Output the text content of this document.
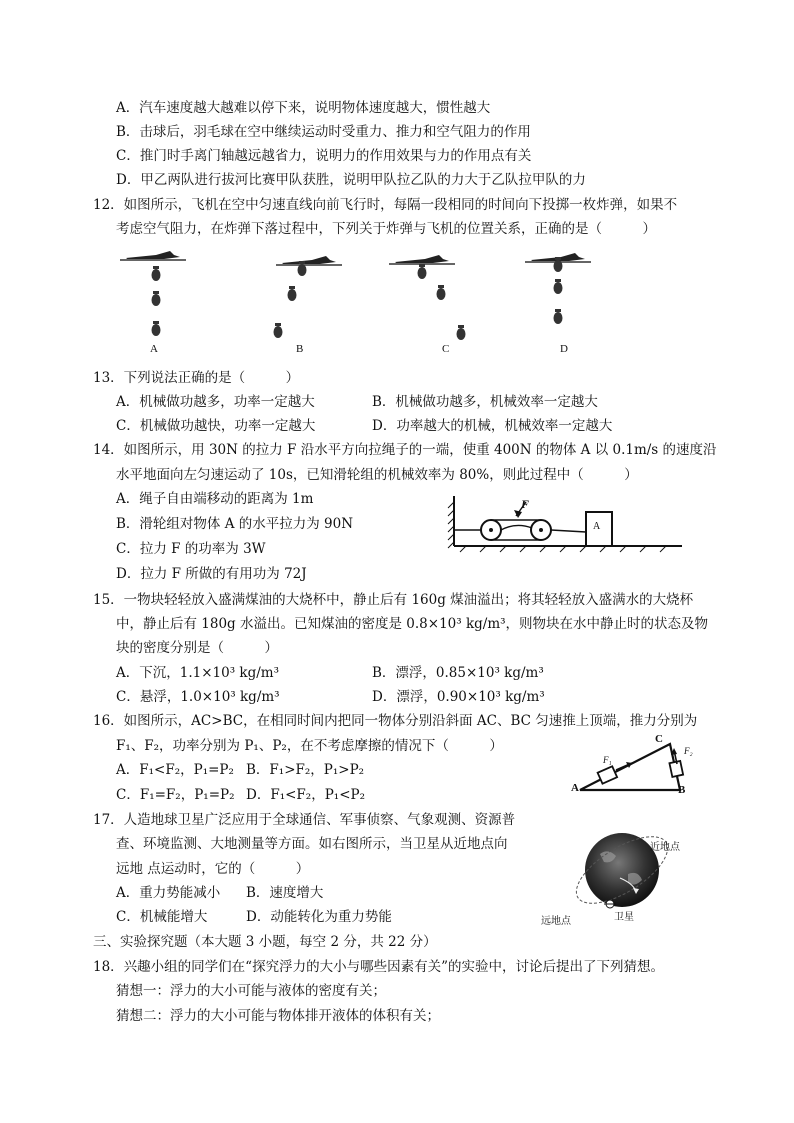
A．汽车速度越大越难以停下来，说明物体速度越大，惯性越大
B．击球后，羽毛球在空中继续运动时受重力、推力和空气阻力的作用
C．推门时手离门轴越远越省力，说明力的作用效果与力的作用点有关
D．甲乙两队进行拔河比赛甲队获胜，说明甲队拉乙队的力大于乙队拉甲队的力
12．如图所示，飞机在空中匀速直线向前飞行时，每隔一段相同的时间向下投掷一枚炸弹，如果不
考虑空气阻力，在炸弹下落过程中，下列关于炸弹与飞机的位置关系，正确的是（　　　）
A	B	C	D
13．下列说法正确的是（　　　）
A．机械做功越多，功率一定越大	B．机械做功越多，机械效率一定越大
C．机械做功越快，功率一定越大	D．功率越大的机械，机械效率一定越大
14．如图所示，用 30N 的拉力 F 沿水平方向拉绳子的一端，使重 400N 的物体 A 以 0.1m/s 的速度沿
水平地面向左匀速运动了 10s，已知滑轮组的机械效率为 80%，则此过程中（　　　）
A．绳子自由端移动的距离为 1m
B．滑轮组对物体 A 的水平拉力为 90N
C．拉力 F 的功率为 3W
D．拉力 F 所做的有用功为 72J
F
A
15．一物块轻轻放入盛满煤油的大烧杯中，静止后有 160g 煤油溢出；将其轻轻放入盛满水的大烧杯
中，静止后有 180g 水溢出。已知煤油的密度是 0.8×10³ kg/m³，则物块在水中静止时的状态及物
块的密度分别是（　　　）
A．下沉，1.1×10³ kg/m³	B．漂浮，0.85×10³ kg/m³
C．悬浮，1.0×10³ kg/m³	D．漂浮，0.90×10³ kg/m³
16．如图所示，AC>BC，在相同时间内把同一物体分别沿斜面 AC、BC 匀速推上顶端，推力分别为
F₁、F₂，功率分别为 P₁、P₂，在不考虑摩擦的情况下（　　　）
A．F₁<F₂，P₁=P₂ B．F₁>F₂，P₁>P₂
C．F₁=F₂，P₁=P₂ D．F₁<F₂，P₁<P₂	A	B
C
F₁
F₂
17．人造地球卫星广泛应用于全球通信、军事侦察、气象观测、资源普
查、环境监测、大地测量等方面。如右图所示，当卫星从近地点向
远地 点运动时，它的（　　　）
A．重力势能减小 B．速度增大
C．机械能增大	D．动能转化为重力势能
近地点
远地点	卫星
三、实验探究题（本大题 3 小题，每空 2 分，共 22 分）
18．兴趣小组的同学们在“探究浮力的大小与哪些因素有关”的实验中，讨论后提出了下列猜想。
猜想一：浮力的大小可能与液体的密度有关；
猜想二：浮力的大小可能与物体排开液体的体积有关；
